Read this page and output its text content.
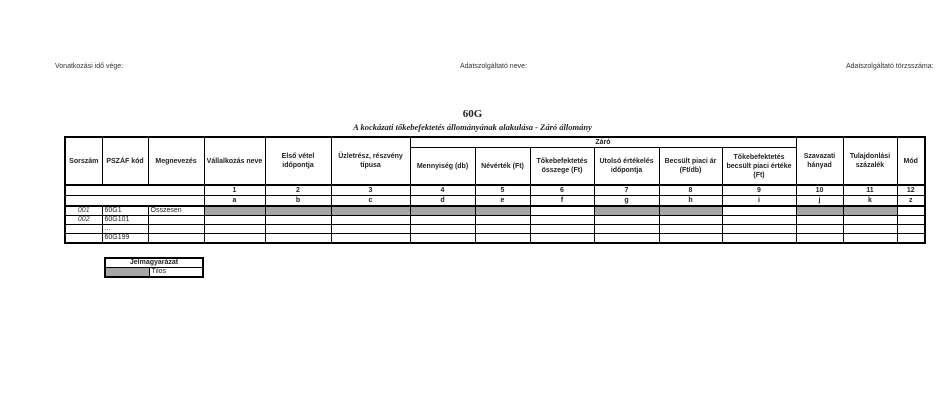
Vonatkozási idő vége:	Adatszolgáltató neve:	Adatszolgáltató törzsszáma:
60G
A kockázati tőkebefektetés állományának alakulása - Záró állomány
Sorszám	PSZÁF kód	Megnevezés	Vállalkozás neve	Első vétel időpontja	Üzletrész, részvény típusa	Záró						Szavazati hányad	Tulajdonlási százalék	Mód
						Mennyiség (db)	Névérték (Ft)	Tőkebefektetés összege (Ft)	Utolsó értékelés időpontja	Becsült piaci ár (Ft/db)	Tőkebefektetés becsült piaci értéke (Ft)			
			1	2	3	4	5	6	7	8	9	10	11	12
			a	b	c	d	e	f	g	h	i	j	k	z
001	60G1	Összesen												
002	60G101													
	...													
	60G199													
Jelmagyarázat
	Tilos
